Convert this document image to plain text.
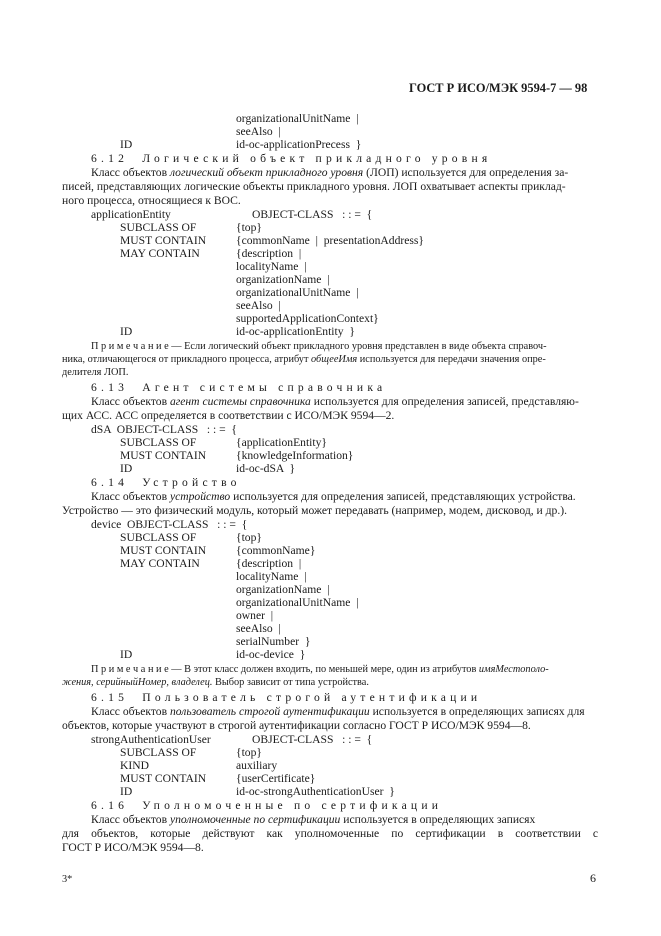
ГОСТ Р ИСО/МЭК 9594-7 — 98
organizationalUnitName  |
seeAlso  |
ID	id-oc-applicationPrecess  }
6.12  Логический объект прикладного уровня
Класс объектов логический объект прикладного уровня (ЛОП) используется для определения за-
писей, представляющих логические объекты прикладного уровня. ЛОП охватывает аспекты приклад-
ного процесса, относящиеся к ВОС.
applicationEntity	OBJECT-CLASS   : : =  {
SUBCLASS OF	{top}
MUST CONTAIN	{commonName  |  presentationAddress}
MAY CONTAIN	{description  |
localityName  |
organizationName  |
organizationalUnitName  |
seeAlso  |
supportedApplicationContext}
ID	id-oc-applicationEntity  }
П р и м е ч а н и е — Если логический объект прикладного уровня представлен в виде объекта справоч-
ника, отличающегося от прикладного процесса, атрибут общееИмя используется для передачи значения опре-
делителя ЛОП.
6.13  Агент системы справочника
Класс объектов агент системы справочника используется для определения записей, представляю-
щих АСС. АСС определяется в соответствии с ИСО/МЭК 9594—2.
dSA  OBJECT-CLASS   : : =  {
SUBCLASS OF	{applicationEntity}
MUST CONTAIN	{knowledgeInformation}
ID	id-oc-dSA  }
6.14  Устройство
Класс объектов устройство используется для определения записей, представляющих устройства.
Устройство — это физический модуль, который может передавать (например, модем, дисковод, и др.).
device  OBJECT-CLASS   : : =  {
SUBCLASS OF	{top}
MUST CONTAIN	{commonName}
MAY CONTAIN	{description  |
localityName  |
organizationName  |
organizationalUnitName  |
owner  |
seeAlso  |
serialNumber  }
ID	id-oc-device  }
П р и м е ч а н и е — В этот класс должен входить, по меньшей мере, один из атрибутов имяМестополо-
жения, серийныйНомер, владелец. Выбор зависит от типа устройства.
6.15  Пользователь строгой аутентификации
Класс объектов пользователь строгой аутентификации используется в определяющих записях для
объектов, которые участвуют в строгой аутентификации согласно ГОСТ Р ИСО/МЭК 9594—8.
strongAuthenticationUser	OBJECT-CLASS   : : =  {
SUBCLASS OF	{top}
KIND	auxiliary
MUST CONTAIN	{userCertificate}
ID	id-oc-strongAuthenticationUser  }
6.16  Уполномоченные по сертификации
Класс объектов уполномоченные по сертификации используется в определяющих записях
для объектов, которые действуют как уполномоченные по сертификации в соответствии с
ГОСТ Р ИСО/МЭК 9594—8.
3*	6
